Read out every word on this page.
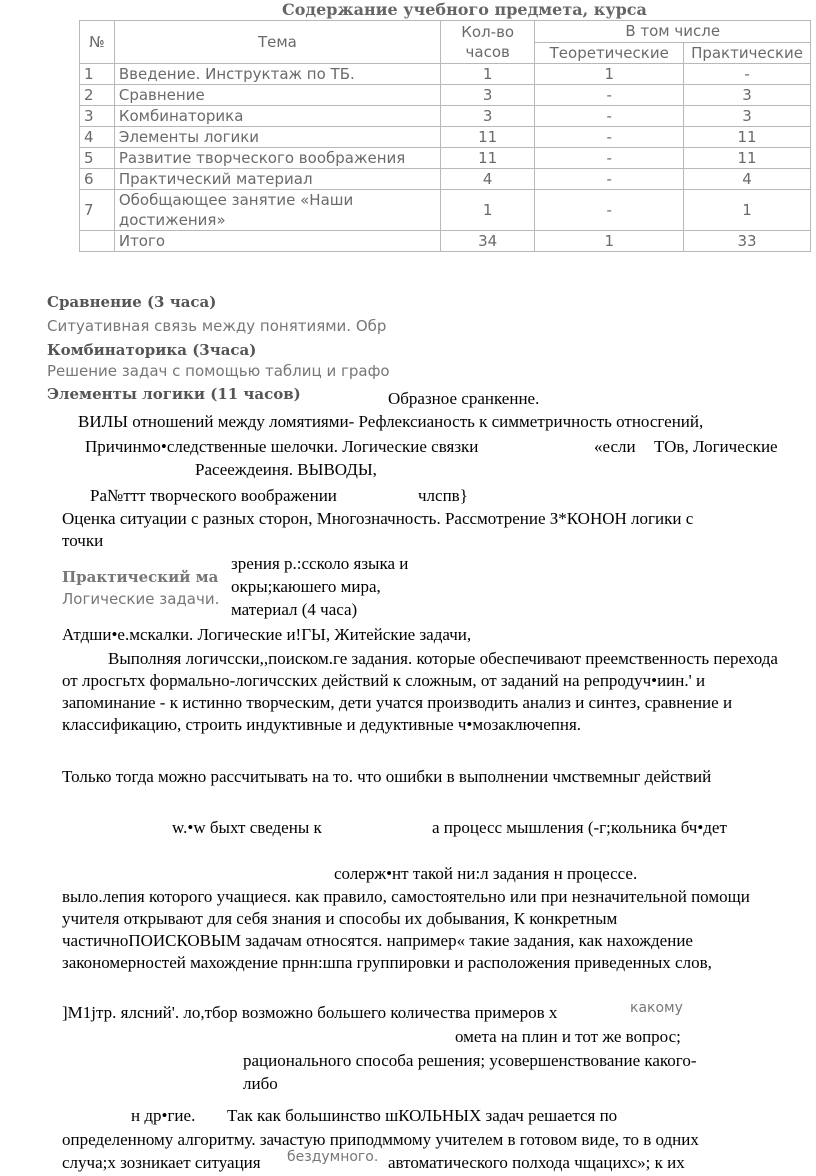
Содержание учебного предмета, курса
№	Тема	Кол-во часов	В том числе	
			Теоретические	Практические
1	Введение. Инструктаж по ТБ.	1	1	-
2	Сравнение	3	-	3
3	Комбинаторика	3	-	3
4	Элементы логики	11	-	11
5	Развитие творческого воображения	11	-	11
6	Практический материал	4	-	4
7	Обобщающее занятие «Наши достижения»	1	-	1
	Итого	34	1	33
Сравнение (3 часа)
Ситуативная связь между понятиями. Обр
Комбинаторика (3часа)
Решение задач с помощью таблиц и графо
Элементы логики (11 часов)	Образное сранкенне.
ВИЛЫ отношений между ломятиями- Рефлексианость к симметричность относгений,
Причинмо•следственные шелочки. Логические связки	«если ТОв, Логические
Расеeждеиня. ВЫВОДЫ,
Ра№ттт творческого воображении	члспв}
Оценка ситуации с разных сторон, Многозначность. Рассмотрение З*КОНОН логики с
точки
Практический ма
Логические задачи.
зрения р.:ссколо языка и
окры;каюшего мира,
материал (4 часа)
Атдши•е.мскалки. Логические и!ГЫ, Житейские задачи,
Выполняя логичсски,,поиском.ге задания. которые обеспечивают преемственность перехода от лросгьтх формально-логичсских действий к сложным, от заданий на репродуч•иин.' и запоминание - к истинно творческим, дети учатся производить анализ и синтез, сравнение и классификацию, строить индуктивные и дедуктивные ч•мозаключепня.
Только тогда можно рассчитывать на то. что ошибки в выполнении чмствемныг действий
w.•w быхт сведены к	а процесс мышления (-г;кольника бч•дет
солерж•нт такой ни:л задания н процессе.
выло.лепия которого учащиеся. как правило, самостоятельно или при незначительной помощи учителя открывают для себя знания и способы их добывания, К конкретным частичноПОИСКОВЫМ задачам относятся. например« такие задания, как нахождение закономерностей махождение прнн:шпа группировки и расположения приведенных слов,
]М1jтр. ялсний'. ло,тбор возможно большего количества примеров х	какому
омета на плин и тот же вопрос;
рационального способа решения; усовершенствование какого-
либо
н др•гие. Так как большинство шКОЛЬНЫХ задач решается по
определенному алгоритму. зачастую приподммому учителем в готовом виде, то в одних
случа;х зозникает ситуация бездумного. автоматического полхода чщацихс»; к их
